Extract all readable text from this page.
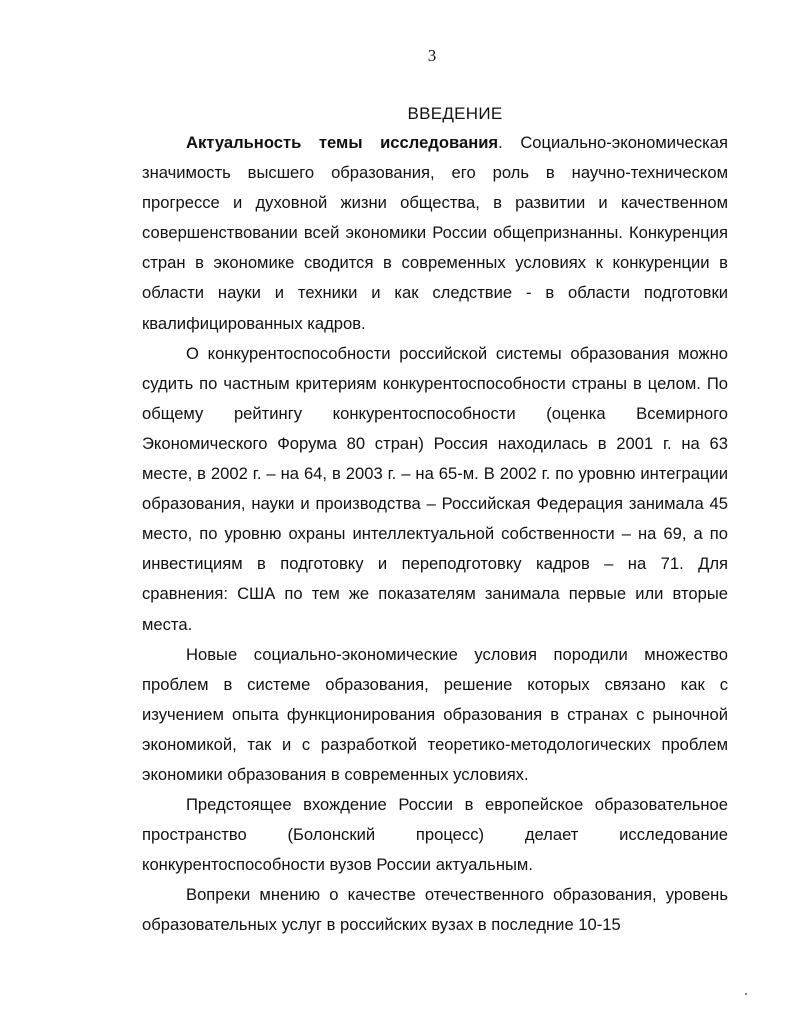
3
ВВЕДЕНИЕ

Актуальность темы исследования. Социально-экономическая значимость высшего образования, его роль в научно-техническом прогрессе и духовной жизни общества, в развитии и качественном совершенствовании всей экономики России общепризнанны. Конкуренция стран в экономике сводится в современных условиях к конкуренции в области науки и техники и как следствие - в области подготовки квалифицированных кадров.

О конкурентоспособности российской системы образования можно судить по частным критериям конкурентоспособности страны в целом. По общему рейтингу конкурентоспособности (оценка Всемирного Экономического Форума 80 стран) Россия находилась в 2001 г. на 63 месте, в 2002 г. – на 64, в 2003 г. – на 65-м. В 2002 г. по уровню интеграции образования, науки и производства – Российская Федерация занимала 45 место, по уровню охраны интеллектуальной собственности – на 69, а по инвестициям в подготовку и переподготовку кадров – на 71. Для сравнения: США по тем же показателям занимала первые или вторые места.

Новые социально-экономические условия породили множество проблем в системе образования, решение которых связано как с изучением опыта функционирования образования в странах с рыночной экономикой, так и с разработкой теоретико-методологических проблем экономики образования в современных условиях.

Предстоящее вхождение России в европейское образовательное пространство (Болонский процесс) делает исследование конкурентоспособности вузов России актуальным.

Вопреки мнению о качестве отечественного образования, уровень образовательных услуг в российских вузах в последние 10-15
